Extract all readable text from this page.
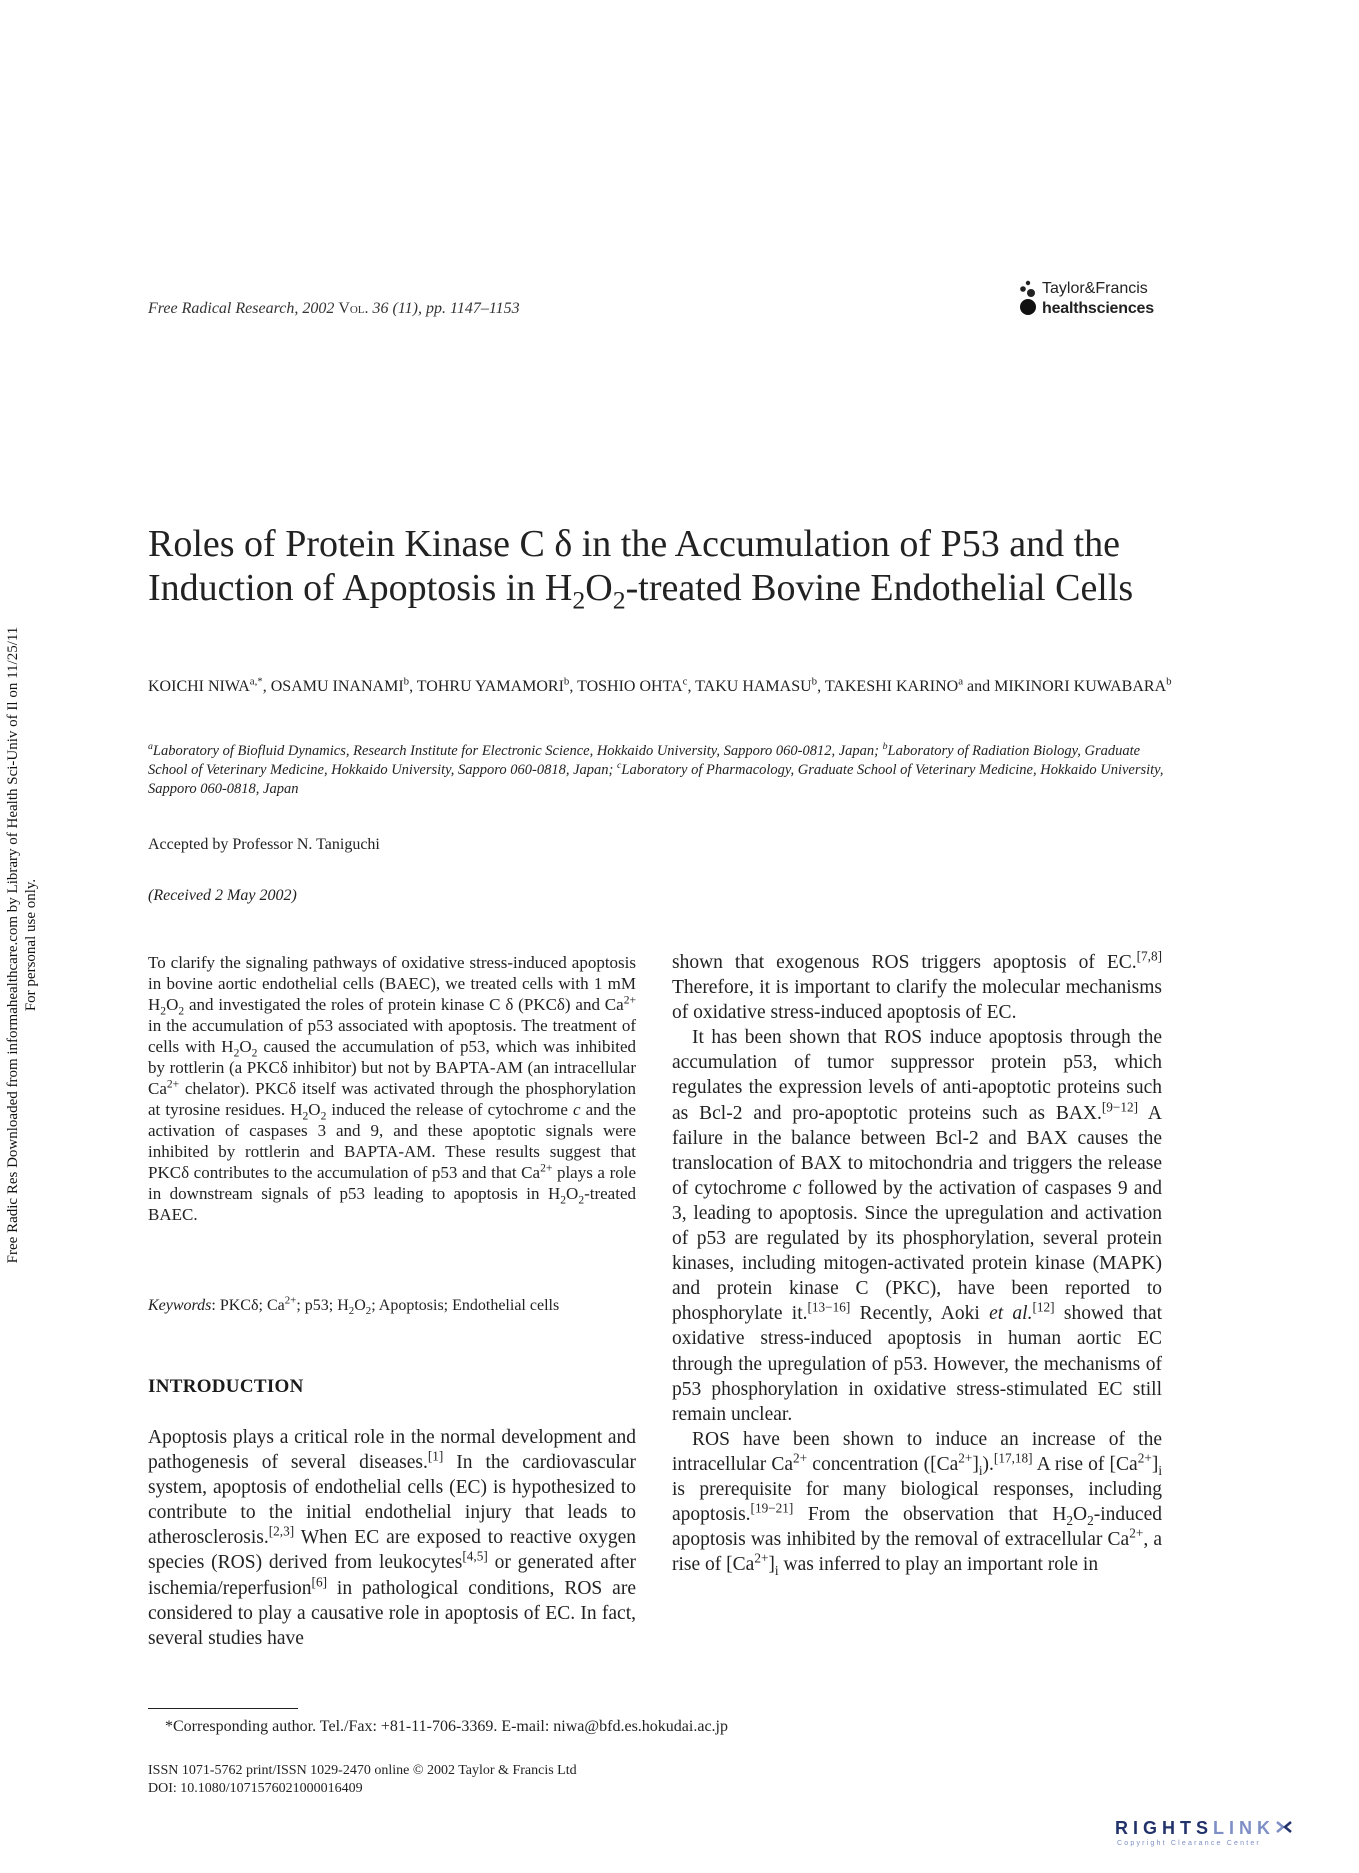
Free Radic Res Downloaded from informahealthcare.com by Library of Health Sci-Univ of Il on 11/25/11 For personal use only.
Free Radical Research, 2002 Vol. 36 (11), pp. 1147–1153
Taylor&Francis
healthsciences
Roles of Protein Kinase C δ in the Accumulation of P53 and the Induction of Apoptosis in $H_2O_2$-treated Bovine Endothelial Cells
KOICHI $NIWA^{a,*}$, OSAMU INANAMI$^b$, TOHRU YAMAMORI$^b$, TOSHIO OHTA$^c$, TAKU HAMASU$^b$, TAKESHI KARINO$^a$ and MIKINORI KUWABARA$^b$
$^a$Laboratory of Biofluid Dynamics, Research Institute for Electronic Science, Hokkaido University, Sapporo 060-0812, Japan; $^b$Laboratory of Radiation Biology, Graduate School of Veterinary Medicine, Hokkaido University, Sapporo 060-0818, Japan; $^c$Laboratory of Pharmacology, Graduate School of Veterinary Medicine, Hokkaido University, Sapporo 060-0818, Japan
Accepted by Professor N. Taniguchi
(Received 2 May 2002)
To clarify the signaling pathways of oxidative stress-induced apoptosis in bovine aortic endothelial cells (BAEC), we treated cells with 1 mM $H_2O_2$ and investigated the roles of protein kinase C δ (PKCδ) and $Ca^{2+}$ in the accumulation of p53 associated with apoptosis. The treatment of cells with $H_2O_2$ caused the accumulation of p53, which was inhibited by rottlerin (a PKCδ inhibitor) but not by BAPTA-AM (an intracellular $Ca^{2+}$ chelator). PKCδ itself was activated through the phosphorylation at tyrosine residues. $H_2O_2$ induced the release of cytochrome c and the activation of caspases 3 and 9, and these apoptotic signals were inhibited by rottlerin and BAPTA-AM. These results suggest that PKCδ contributes to the accumulation of p53 and that $Ca^{2+}$ plays a role in downstream signals of p53 leading to apoptosis in $H_2O_2$-treated BAEC.
Keywords: PKCδ; $Ca^{2+}$; p53; $H_2O_2$; Apoptosis; Endothelial cells
INTRODUCTION

Apoptosis plays a critical role in the normal development and pathogenesis of several diseases.[1] In the cardiovascular system, apoptosis of endothelial cells (EC) is hypothesized to contribute to the initial endothelial injury that leads to atherosclerosis.[2,3] When EC are exposed to reactive oxygen species (ROS) derived from leukocytes[4,5] or generated after ischemia/reperfusion[6] in pathological conditions, ROS are considered to play a causative role in apoptosis of EC. In fact, several studies have

shown that exogenous ROS triggers apoptosis of EC.[7,8] Therefore, it is important to clarify the molecular mechanisms of oxidative stress-induced apoptosis of EC.

It has been shown that ROS induce apoptosis through the accumulation of tumor suppressor protein p53, which regulates the expression levels of anti-apoptotic proteins such as Bcl-2 and pro-apoptotic proteins such as BAX.[9−12] A failure in the balance between Bcl-2 and BAX causes the translocation of BAX to mitochondria and triggers the release of cytochrome c followed by the activation of caspases 9 and 3, leading to apoptosis. Since the upregulation and activation of p53 are regulated by its phosphorylation, several protein kinases, including mitogen-activated protein kinase (MAPK) and protein kinase C (PKC), have been reported to phosphorylate it.[13−16] Recently, Aoki et al.[12] showed that oxidative stress-induced apoptosis in human aortic EC through the upregulation of p53. However, the mechanisms of p53 phosphorylation in oxidative stress-stimulated EC still remain unclear.

ROS have been shown to induce an increase of the intracellular $Ca^{2+}$ concentration $([Ca^{2+}]_i).[17,18]$ A rise of $[Ca^{2+}]_i$ is prerequisite for many biological responses, including apoptosis.[19−21] From the observation that $H_2O_2$-induced apoptosis was inhibited by the removal of extracellular $Ca^{2+}$, a rise of $[Ca^{2+}]_i$ was inferred to play an important role in

*Corresponding author. Tel./Fax: +81-11-706-3369. E-mail: niwa@bfd.es.hokudai.ac.jp
ISSN 1071-5762 print/ISSN 1029-2470 online © 2002 Taylor & Francis Ltd
DOI: 10.1080/1071576021000016409
RIGHTSLINK
Copyright Clearance Center
